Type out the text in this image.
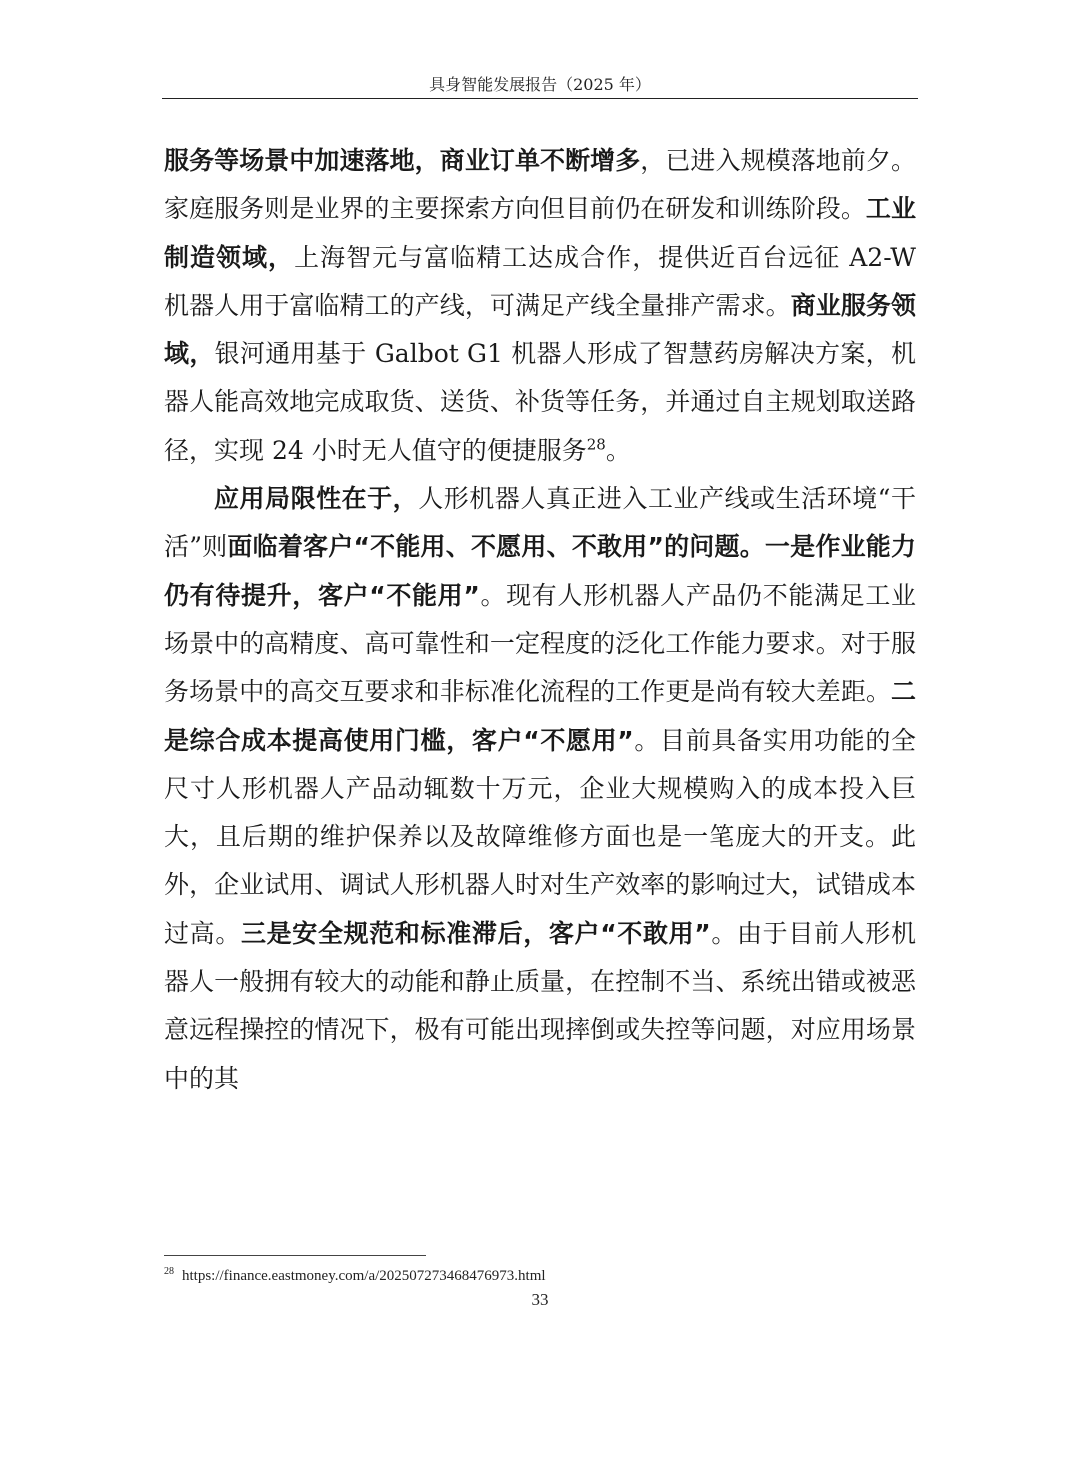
具身智能发展报告（2025 年）

服务等场景中加速落地，商业订单不断增多，已进入规模落地前夕。家庭服务则是业界的主要探索方向但目前仍在研发和训练阶段。工业制造领域，上海智元与富临精工达成合作，提供近百台远征 A2-W 机器人用于富临精工的产线，可满足产线全量排产需求。商业服务领域，银河通用基于 Galbot G1 机器人形成了智慧药房解决方案，机器人能高效地完成取货、送货、补货等任务，并通过自主规划取送路径，实现 24 小时无人值守的便捷服务$^{28}$。

应用局限性在于，人形机器人真正进入工业产线或生活环境“干活”则面临着客户“不能用、不愿用、不敢用”的问题。一是作业能力仍有待提升，客户“不能用”。现有人形机器人产品仍不能满足工业场景中的高精度、高可靠性和一定程度的泛化工作能力要求。对于服务场景中的高交互要求和非标准化流程的工作更是尚有较大差距。二是综合成本提高使用门槛，客户“不愿用”。目前具备实用功能的全尺寸人形机器人产品动辄数十万元，企业大规模购入的成本投入巨大，且后期的维护保养以及故障维修方面也是一笔庞大的开支。此外，企业试用、调试人形机器人时对生产效率的影响过大，试错成本过高。三是安全规范和标准滞后，客户“不敢用”。由于目前人形机器人一般拥有较大的动能和静止质量，在控制不当、系统出错或被恶意远程操控的情况下，极有可能出现摔倒或失控等问题，对应用场景中的其

$^{28}$ https://finance.eastmoney.com/a/202507273468476973.html
33
